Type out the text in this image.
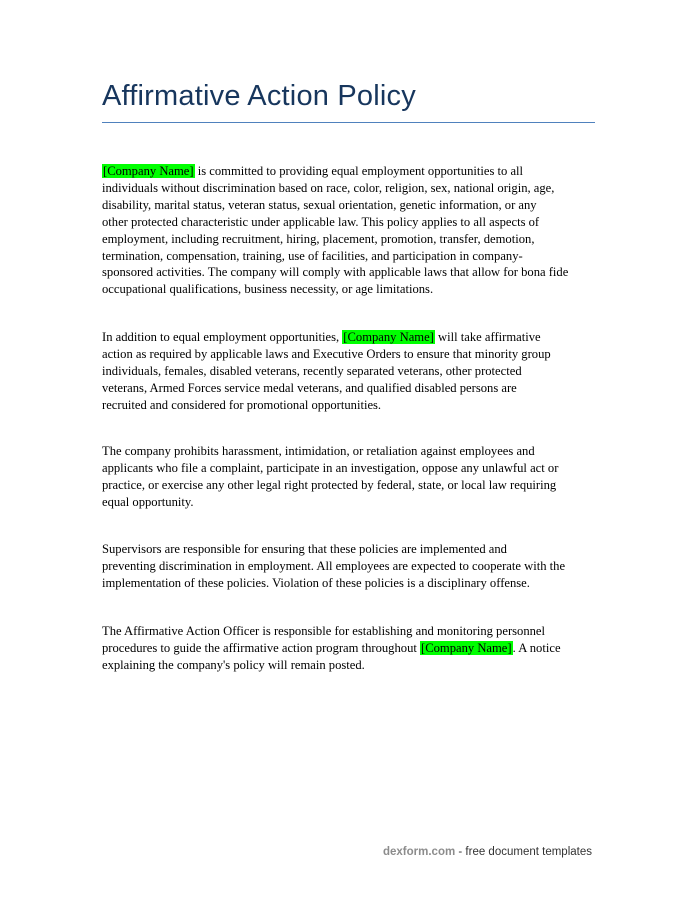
Affirmative Action Policy

[Company Name] is committed to providing equal employment opportunities to all
individuals without discrimination based on race, color, religion, sex, national origin, age,
disability, marital status, veteran status, sexual orientation, genetic information, or any
other protected characteristic under applicable law. This policy applies to all aspects of
employment, including recruitment, hiring, placement, promotion, transfer, demotion,
termination, compensation, training, use of facilities, and participation in company-
sponsored activities. The company will comply with applicable laws that allow for bona fide
occupational qualifications, business necessity, or age limitations.

In addition to equal employment opportunities, [Company Name] will take affirmative
action as required by applicable laws and Executive Orders to ensure that minority group
individuals, females, disabled veterans, recently separated veterans, other protected
veterans, Armed Forces service medal veterans, and qualified disabled persons are
recruited and considered for promotional opportunities.

The company prohibits harassment, intimidation, or retaliation against employees and
applicants who file a complaint, participate in an investigation, oppose any unlawful act or
practice, or exercise any other legal right protected by federal, state, or local law requiring
equal opportunity.

Supervisors are responsible for ensuring that these policies are implemented and
preventing discrimination in employment. All employees are expected to cooperate with the
implementation of these policies. Violation of these policies is a disciplinary offense.

The Affirmative Action Officer is responsible for establishing and monitoring personnel
procedures to guide the affirmative action program throughout [Company Name]. A notice
explaining the company's policy will remain posted.

dexform.com - free document templates
